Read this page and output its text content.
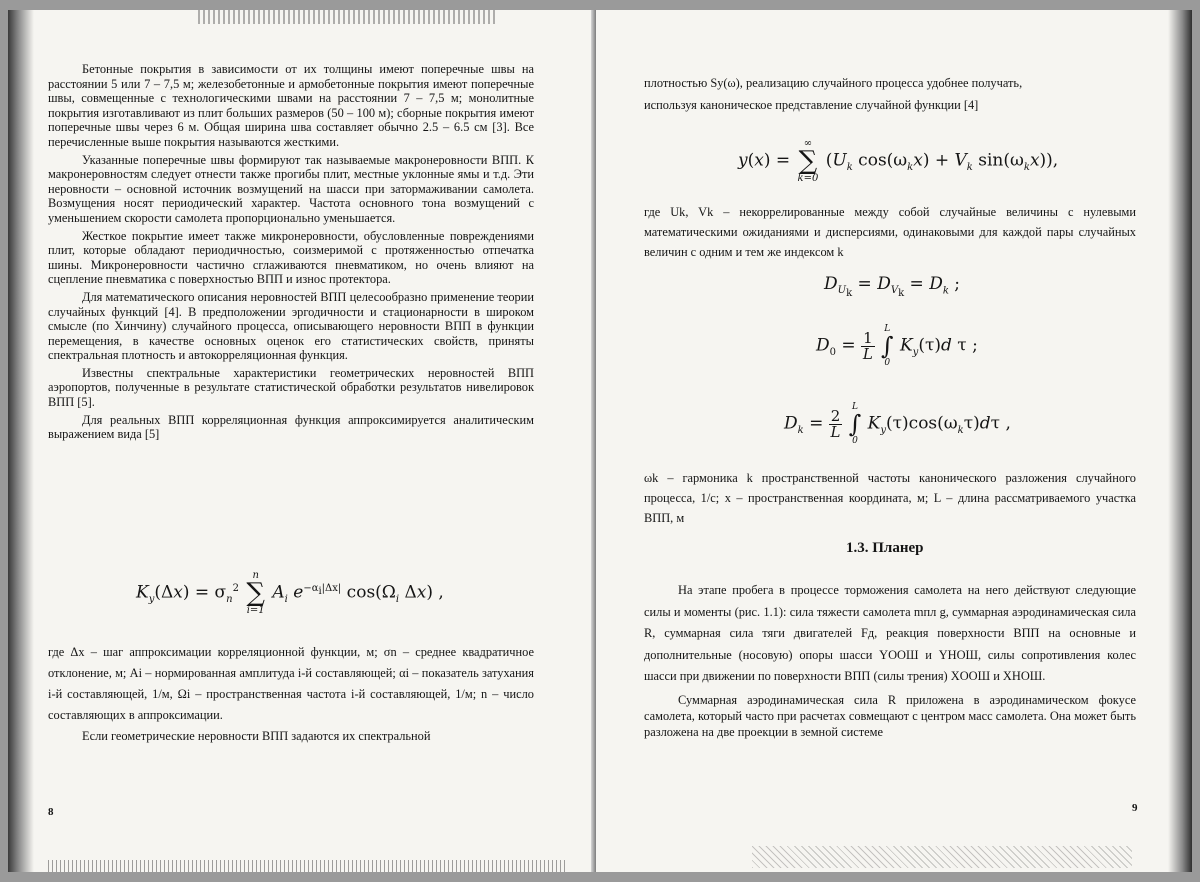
Бетонные покрытия в зависимости от их толщины имеют поперечные швы на расстоянии 5 или 7 – 7,5 м; железобетонные и армобетонные покрытия имеют поперечные швы, совмещенные с технологическими швами на расстоянии 7 – 7,5 м; монолитные покрытия изготавливают из плит больших размеров (50 – 100 м); сборные покрытия имеют поперечные швы через 6 м. Общая ширина шва составляет обычно 2.5 – 6.5 см [3]. Все перечисленные выше покрытия называются жесткими.

Указанные поперечные швы формируют так называемые макронеровности ВПП. К макронеровностям следует отнести также прогибы плит, местные уклонные ямы и т.д. Эти неровности – основной источник возмущений на шасси при затормаживании самолета. Возмущения носят периодический характер. Частота основного тона возмущений с уменьшением скорости самолета пропорционально уменьшается.

Жесткое покрытие имеет также микронеровности, обусловленные повреждениями плит, которые обладают периодичностью, соизмеримой с протяженностью отпечатка шины. Микронеровности частично сглаживаются пневматиком, но очень влияют на сцепление пневматика с поверхностью ВПП и износ протектора.

Для математического описания неровностей ВПП целесообразно применение теории случайных функций [4]. В предположении эргодичности и стационарности в широком смысле (по Хинчину) случайного процесса, описывающего неровности ВПП в функции перемещения, в качестве основных оценок его статистических свойств, приняты спектральная плотность и автокорреляционная функция.

Известны спектральные характеристики геометрических неровностей ВПП аэропортов, полученные в результате статистической обработки результатов нивелировок ВПП [5].

Для реальных ВПП корреляционная функция аппроксимируется аналитическим выражением вида [5]

$K_y(\Delta x) = \sigma_n^2$
n
∑
i=1
$A_i$ $e^{-\alpha_i|\Delta x|}$ $\cos(\Omega_i$ Δx) ,

где Δx – шаг аппроксимации корреляционной функции, м; σn – среднее квадратичное отклонение, м; Ai – нормированная амплитуда i-й составляющей; αi – показатель затухания i-й составляющей, 1/м, Ωi – пространственная частота i-й составляющей, 1/м; n – число составляющих в аппроксимации.

Если геометрические неровности ВПП задаются их спектральной

8

плотностью Sy(ω), реализацию случайного процесса удобнее получать,

используя каноническое представление случайной функции [4]

y(x) =
∞
∑
k=0
($U_k$ $\cos(\omega_kx) + V_k$ $\sin(\omega_kx)$),

где Uk, Vk – некоррелированные между собой случайные величины с нулевыми математическими ожиданиями и дисперсиями, одинаковыми для каждой пары случайных величин с одним и тем же индексом k

$D_{U_k} = D_{V_k} = D_k$ ;
$D_0 = \frac{1}{L}$

L
∫
0
$K_y(\tau)d$ τ ;
$D_k = \frac{2}{L}$

L
∫
0
$K_y(\tau)\cos(\omega_k\tau)d\tau$ ,

ωk – гармоника k пространственной частоты канонического разложения случайного процесса, 1/с; x – пространственная координата, м; L – длина рассматриваемого участка ВПП, м

1.3. Планер

На этапе пробега в процессе торможения самолета на него действуют следующие силы и моменты (рис. 1.1): сила тяжести самолета mпл g, суммарная аэродинамическая сила R, суммарная сила тяги двигателей Fд, реакция поверхности ВПП на основные и дополнительные (носовую) опоры шасси YООШ и YНОШ, силы сопротивления колес шасси при движении по поверхности ВПП (силы трения) XООШ и XНОШ.

Суммарная аэродинамическая сила R приложена в аэродинамическом фокусе самолета, который часто при расчетах совмещают с центром масс самолета. Она может быть разложена на две проекции в земной системе

9
